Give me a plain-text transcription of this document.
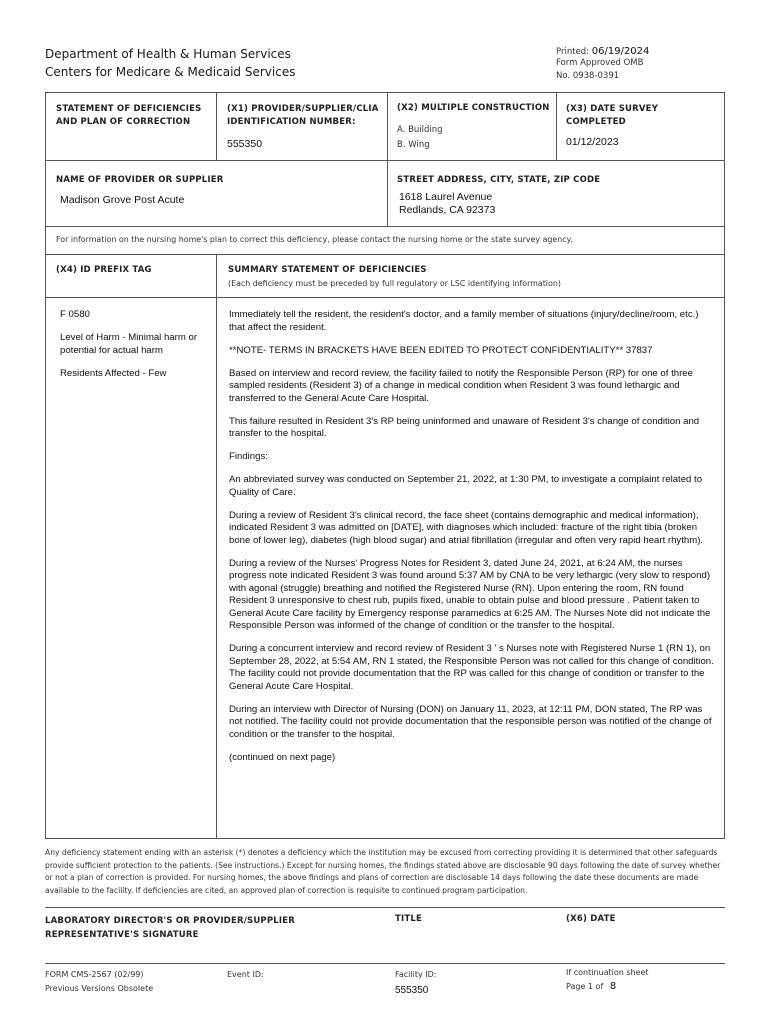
Department of Health & Human Services
Centers for Medicare & Medicaid Services
Printed: 06/19/2024
Form Approved OMB
No. 0938-0391
STATEMENT OF DEFICIENCIES AND PLAN OF CORRECTION
(X1) PROVIDER/SUPPLIER/CLIA IDENTIFICATION NUMBER:
555350
(X2) MULTIPLE CONSTRUCTION
A. Building
B. Wing
(X3) DATE SURVEY COMPLETED
01/12/2023
NAME OF PROVIDER OR SUPPLIER
Madison Grove Post Acute
STREET ADDRESS, CITY, STATE, ZIP CODE
1618 Laurel Avenue
Redlands, CA 92373
For information on the nursing home's plan to correct this deficiency, please contact the nursing home or the state survey agency.
(X4) ID PREFIX TAG	SUMMARY STATEMENT OF DEFICIENCIES
(Each deficiency must be preceded by full regulatory or LSC identifying information)
F 0580
Level of Harm - Minimal harm or potential for actual harm
Residents Affected - Few
Immediately tell the resident, the resident's doctor, and a family member of situations (injury/decline/room, etc.) that affect the resident.
**NOTE- TERMS IN BRACKETS HAVE BEEN EDITED TO PROTECT CONFIDENTIALITY** 37837
Based on interview and record review, the facility failed to notify the Responsible Person (RP) for one of three sampled residents (Resident 3) of a change in medical condition when Resident 3 was found lethargic and transferred to the General Acute Care Hospital.
This failure resulted in Resident 3's RP being uninformed and unaware of Resident 3's change of condition and transfer to the hospital.
Findings:
An abbreviated survey was conducted on September 21, 2022, at 1:30 PM, to investigate a complaint related to Quality of Care.
During a review of Resident 3's clinical record, the face sheet (contains demographic and medical information), indicated Resident 3 was admitted on [DATE], with diagnoses which included: fracture of the right tibia (broken bone of lower leg), diabetes (high blood sugar) and atrial fibrillation (irregular and often very rapid heart rhythm).
During a review of the Nurses' Progress Notes for Resident 3, dated June 24, 2021, at 6:24 AM, the nurses progress note indicated Resident 3 was found around 5:37 AM by CNA to be very lethargic (very slow to respond) with agonal (struggle) breathing and notified the Registered Nurse (RN). Upon entering the room, RN found Resident 3 unresponsive to chest rub, pupils fixed, unable to obtain pulse and blood pressure . Patient taken to General Acute Care facility by Emergency response paramedics at 6:25 AM. The Nurses Note did not indicate the Responsible Person was informed of the change of condition or the transfer to the hospital.
During a concurrent interview and record review of Resident 3 ' s Nurses note with Registered Nurse 1 (RN 1), on September 28, 2022, at 5:54 AM, RN 1 stated, the Responsible Person was not called for this change of condition. The facility could not provide documentation that the RP was called for this change of condition or transfer to the General Acute Care Hospital.
During an interview with Director of Nursing (DON) on January 11, 2023, at 12:11 PM, DON stated, The RP was not notified. The facility could not provide documentation that the responsible person was notified of the change of condition or the transfer to the hospital.
(continued on next page)
Any deficiency statement ending with an asterisk (*) denotes a deficiency which the institution may be excused from correcting providing it is determined that other safeguards provide sufficient protection to the patients. (See instructions.) Except for nursing homes, the findings stated above are disclosable 90 days following the date of survey whether or not a plan of correction is provided. For nursing homes, the above findings and plans of correction are disclosable 14 days following the date these documents are made available to the facility. If deficiencies are cited, an approved plan of correction is requisite to continued program participation.
LABORATORY DIRECTOR'S OR PROVIDER/SUPPLIER REPRESENTATIVE'S SIGNATURE
TITLE	(X6) DATE
FORM CMS-2567 (02/99)
Previous Versions Obsolete
Event ID:	Facility ID:
555350
If continuation sheet
Page 1 of 8
